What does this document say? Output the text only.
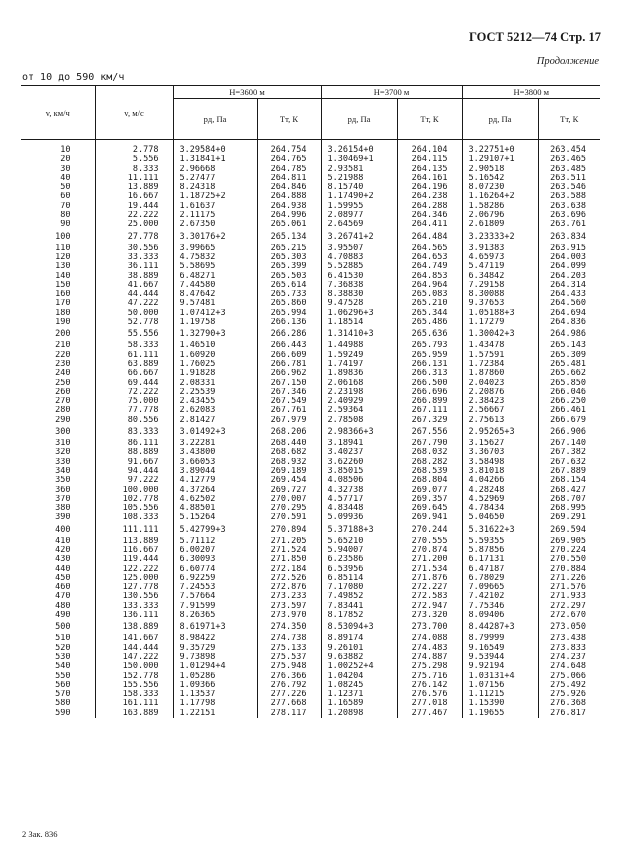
ГОСТ 5212—74 Стр. 17
Продолжение
от 10 до 590 км/ч
v, км/ч	v, м/с	H=3600 м		H=3700 м		H=3800 м	
		pд, Па	Tт, К	pд, Па	Tт, К	pд, Па	Tт, К
10	2.778	3.29584+0	264.754	3.26154+0	264.104	3.22751+0	263.454
20	5.556	1.31841+1	264.765	1.30469+1	264.115	1.29107+1	263.465
30	8.333	2.96668	264.785	2.93581	264.135	2.90518	263.485
40	11.111	5.27477	264.811	5.21988	264.161	5.16542	263.511
50	13.889	8.24318	264.846	8.15740	264.196	8.07230	263.546
60	16.667	1.18725+2	264.888	1.17490+2	264.238	1.16264+2	263.588
70	19.444	1.61637	264.938	1.59955	264.288	1.58286	263.638
80	22.222	2.11175	264.996	2.08977	264.346	2.06796	263.696
90	25.000	2.67350	265.061	2.64569	264.411	2.61809	263.761
100	27.778	3.30176+2	265.134	3.26741+2	264.484	3.23333+2	263.834
110	30.556	3.99665	265.215	3.95507	264.565	3.91383	263.915
120	33.333	4.75832	265.303	4.70883	264.653	4.65973	264.003
130	36.111	5.58695	265.399	5.52885	264.749	5.47119	264.099
140	38.889	6.48271	265.503	6.41530	264.853	6.34842	264.203
150	41.667	7.44580	265.614	7.36838	264.964	7.29158	264.314
160	44.444	8.47642	265.733	8.38830	265.083	8.30088	264.433
170	47.222	9.57481	265.860	9.47528	265.210	9.37653	264.560
180	50.000	1.07412+3	265.994	1.06296+3	265.344	1.05188+3	264.694
190	52.778	1.19758	266.136	1.18514	265.486	1.17279	264.836
200	55.556	1.32790+3	266.286	1.31410+3	265.636	1.30042+3	264.986
210	58.333	1.46510	266.443	1.44988	265.793	1.43478	265.143
220	61.111	1.60920	266.609	1.59249	265.959	1.57591	265.309
230	63.889	1.76025	266.781	1.74197	266.131	1.72384	265.481
240	66.667	1.91828	266.962	1.89836	266.313	1.87860	265.662
250	69.444	2.08331	267.150	2.06168	266.500	2.04023	265.850
260	72.222	2.25539	267.346	2.23198	266.696	2.20876	266.046
270	75.000	2.43455	267.549	2.40929	266.899	2.38423	266.250
280	77.778	2.62083	267.761	2.59364	267.111	2.56667	266.461
290	80.556	2.81427	267.979	2.78508	267.329	2.75613	266.679
300	83.333	3.01492+3	268.206	2.98366+3	267.556	2.95265+3	266.906
310	86.111	3.22281	268.440	3.18941	267.790	3.15627	267.140
320	88.889	3.43800	268.682	3.40237	268.032	3.36703	267.382
330	91.667	3.66053	268.932	3.62260	268.282	3.58498	267.632
340	94.444	3.89044	269.189	3.85015	268.539	3.81018	267.889
350	97.222	4.12779	269.454	4.08506	268.804	4.04266	268.154
360	100.000	4.37264	269.727	4.32738	269.077	4.28248	268.427
370	102.778	4.62502	270.007	4.57717	269.357	4.52969	268.707
380	105.556	4.88501	270.295	4.83448	269.645	4.78434	268.995
390	108.333	5.15264	270.591	5.09936	269.941	5.04650	269.291
400	111.111	5.42799+3	270.894	5.37188+3	270.244	5.31622+3	269.594
410	113.889	5.71112	271.205	5.65210	270.555	5.59355	269.905
420	116.667	6.00207	271.524	5.94007	270.874	5.87856	270.224
430	119.444	6.30093	271.850	6.23586	271.200	6.17131	270.550
440	122.222	6.60774	272.184	6.53956	271.534	6.47187	270.884
450	125.000	6.92259	272.526	6.85114	271.876	6.78029	271.226
460	127.778	7.24553	272.876	7.17080	272.227	7.09665	271.576
470	130.556	7.57664	273.233	7.49852	272.583	7.42102	271.933
480	133.333	7.91599	273.597	7.83441	272.947	7.75346	272.297
490	136.111	8.26365	273.970	8.17852	273.320	8.09406	272.670
500	138.889	8.61971+3	274.350	8.53094+3	273.700	8.44287+3	273.050
510	141.667	8.98422	274.738	8.89174	274.088	8.79999	273.438
520	144.444	9.35729	275.133	9.26101	274.483	9.16549	273.833
530	147.222	9.73898	275.537	9.63882	274.887	9.53944	274.237
540	150.000	1.01294+4	275.948	1.00252+4	275.298	9.92194	274.648
550	152.778	1.05286	276.366	1.04204	275.716	1.03131+4	275.066
560	155.556	1.09366	276.792	1.08245	276.142	1.07156	275.492
570	158.333	1.13537	277.226	1.12371	276.576	1.11215	275.926
580	161.111	1.17798	277.668	1.16589	277.018	1.15390	276.368
590	163.889	1.22151	278.117	1.20898	277.467	1.19655	276.817
2 Зак. 836
